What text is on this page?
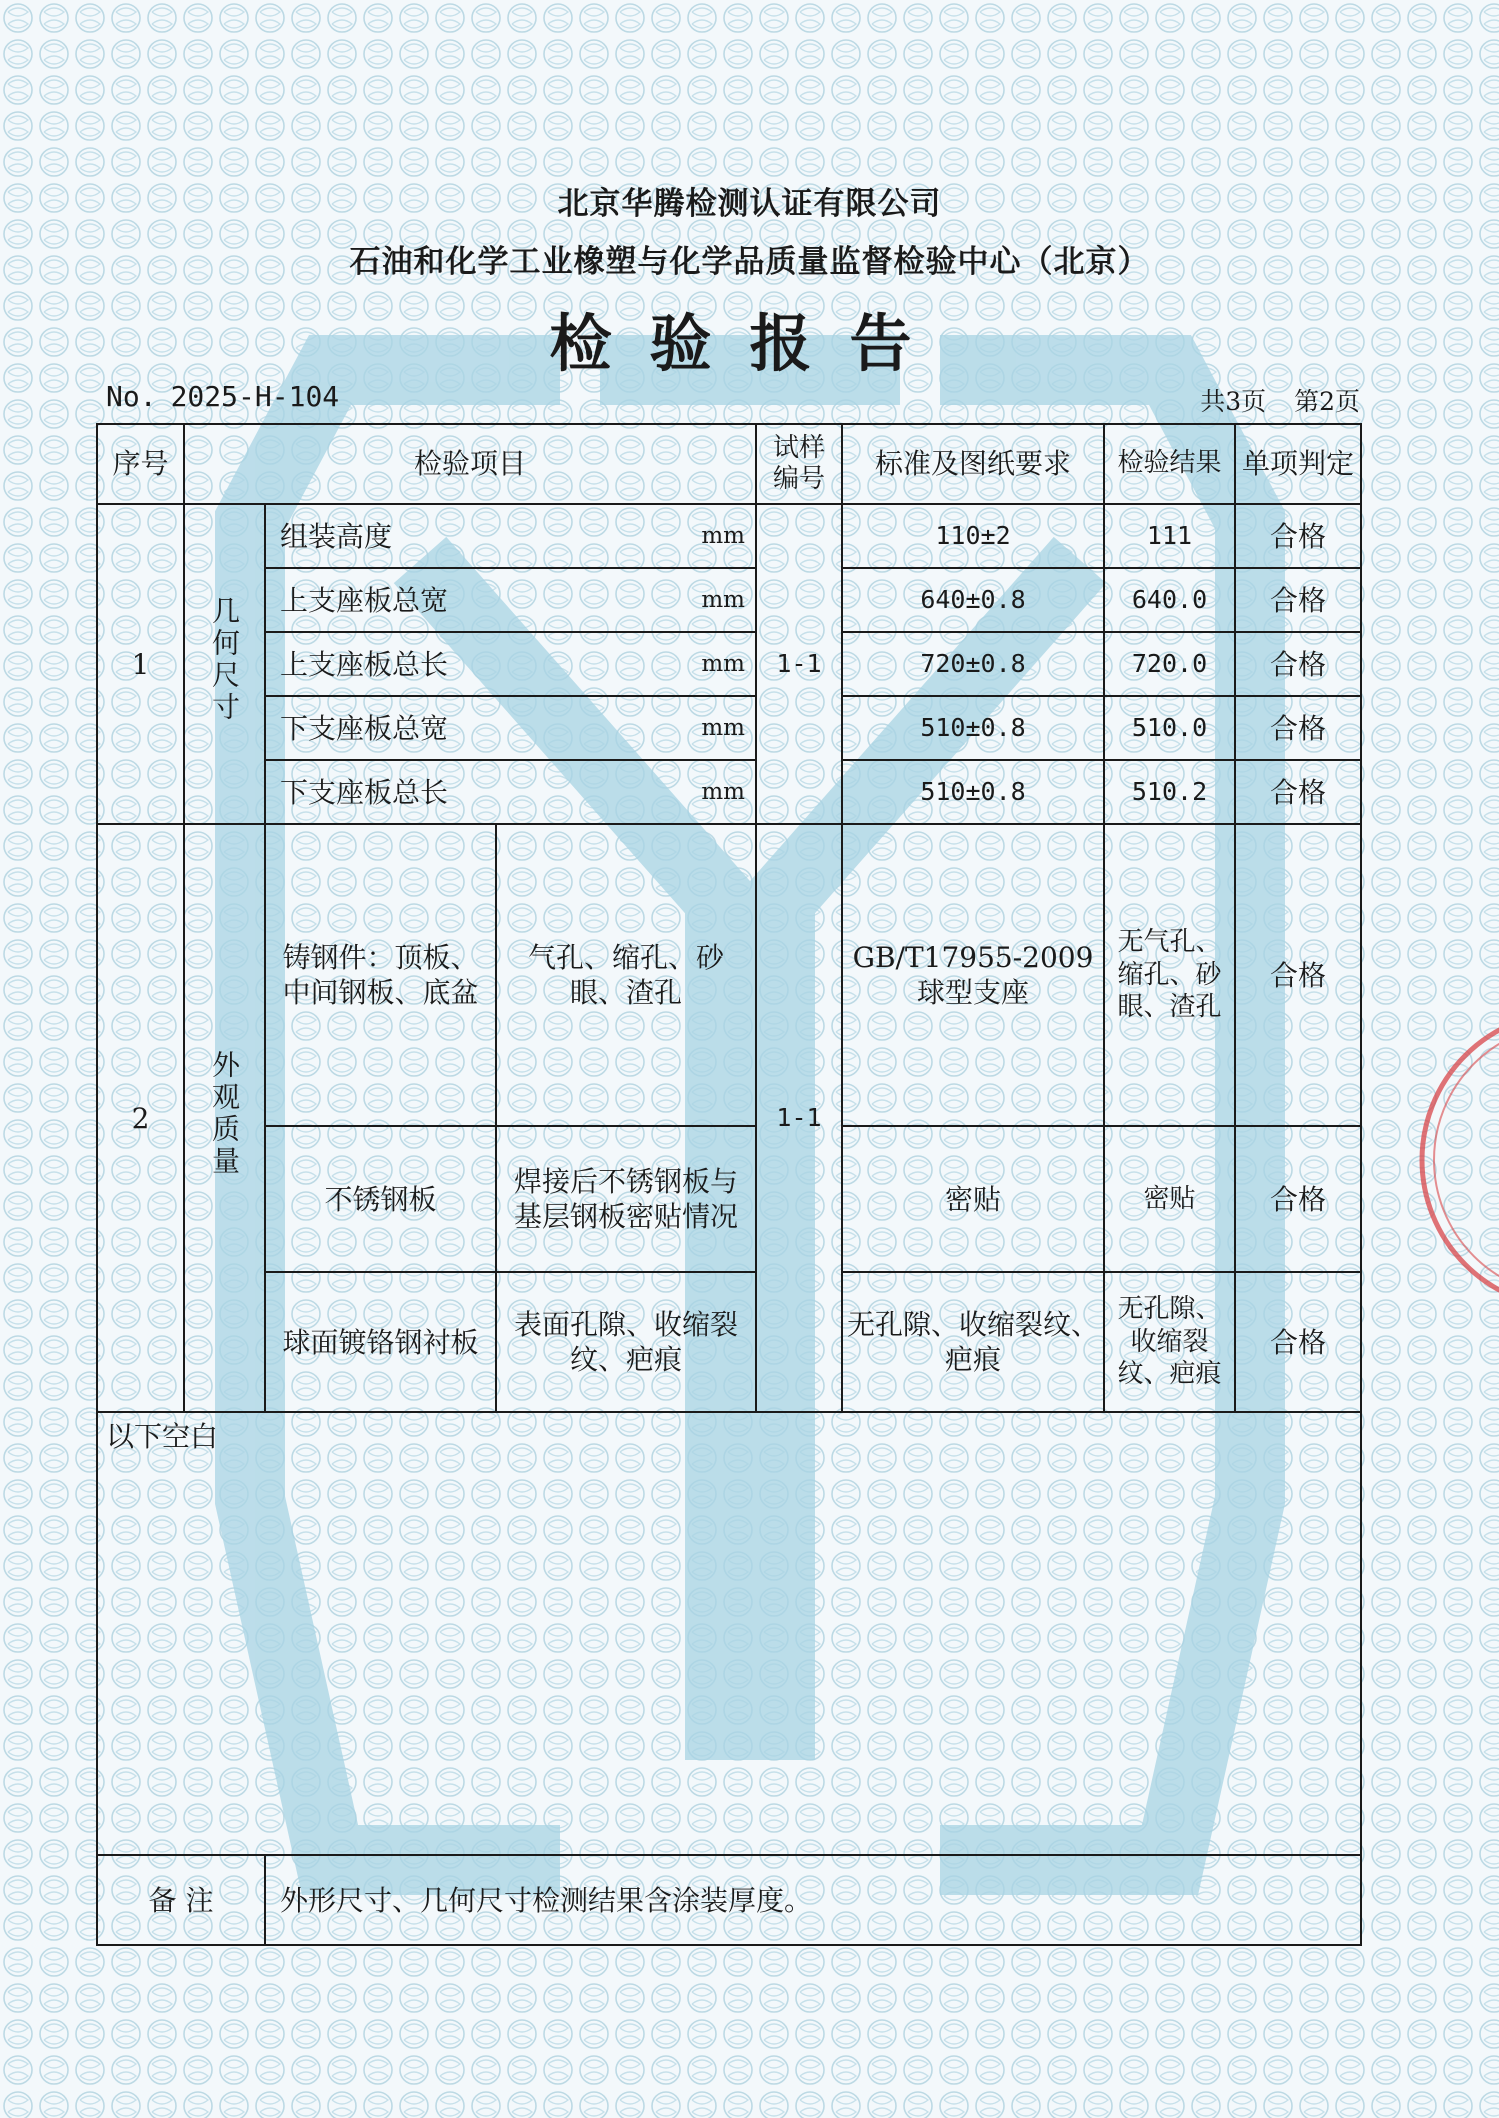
北京华腾检测认证有限公司
石油和化学工业橡塑与化学品质量监督检验中心（北京）
检验报告
No. 2025-H-104	共3页 第2页
序号	检验项目			试样编号	标准及图纸要求	检验结果	单项判定
1	几何尺寸	组装高度 mm		1-1	110±2	111	合格

		上支座板总宽 mm			640±0.8	640.0	合格

		上支座板总长 mm			720±0.8	720.0	合格

		下支座板总宽 mm			510±0.8	510.0	合格

		下支座板总长 mm			510±0.8	510.2	合格
2	外观质量	铸钢件：顶板、中间钢板、底盆	气孔、缩孔、砂眼、渣孔	1-1	GB/T17955-2009 球型支座	无气孔、缩孔、砂眼、渣孔	合格
		不锈钢板	焊接后不锈钢板与基层钢板密贴情况		密贴	密贴	合格
		球面镀铬钢衬板	表面孔隙、收缩裂纹、疤痕		无孔隙、收缩裂纹、疤痕	无孔隙、收缩裂纹、疤痕	合格
以下空白							
备 注		外形尺寸、几何尺寸检测结果含涂装厚度。					
